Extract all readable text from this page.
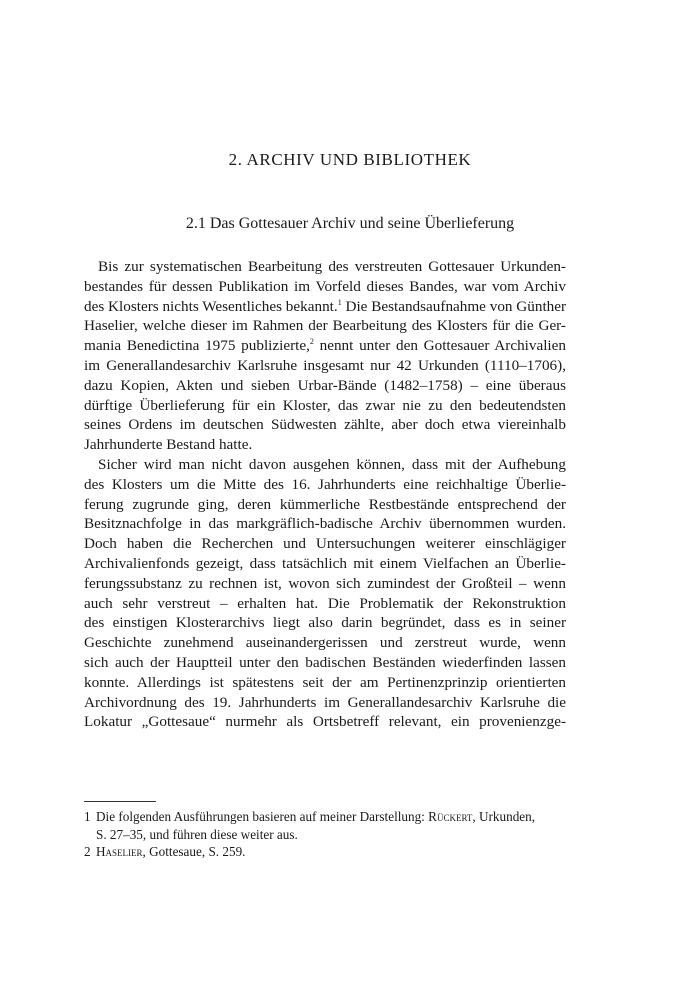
2. ARCHIV UND BIBLIOTHEK
2.1 Das Gottesauer Archiv und seine Überlieferung
Bis zur systematischen Bearbeitung des verstreuten Gottesauer Urkunden-
bestandes für dessen Publikation im Vorfeld dieses Bandes, war vom Archiv
des Klosters nichts Wesentliches bekannt.$^1$ Die Bestandsaufnahme von Günther
Haselier, welche dieser im Rahmen der Bearbeitung des Klosters für die Ger-
mania Benedictina 1975 publizierte,$^2$ nennt unter den Gottesauer Archivalien
im Generallandesarchiv Karlsruhe insgesamt nur 42 Urkunden (1110–1706),
dazu Kopien, Akten und sieben Urbar-Bände (1482–1758) – eine überaus
dürftige Überlieferung für ein Kloster, das zwar nie zu den bedeutendsten
seines Ordens im deutschen Südwesten zählte, aber doch etwa viereinhalb
Jahrhunderte Bestand hatte.
Sicher wird man nicht davon ausgehen können, dass mit der Aufhebung
des Klosters um die Mitte des 16. Jahrhunderts eine reichhaltige Überlie-
ferung zugrunde ging, deren kümmerliche Restbestände entsprechend der
Besitznachfolge in das markgräflich-badische Archiv übernommen wurden.
Doch haben die Recherchen und Untersuchungen weiterer einschlägiger
Archivalienfonds gezeigt, dass tatsächlich mit einem Vielfachen an Überlie-
ferungssubstanz zu rechnen ist, wovon sich zumindest der Großteil – wenn
auch sehr verstreut – erhalten hat. Die Problematik der Rekonstruktion
des einstigen Klosterarchivs liegt also darin begründet, dass es in seiner
Geschichte zunehmend auseinandergerissen und zerstreut wurde, wenn
sich auch der Hauptteil unter den badischen Beständen wiederfinden lassen
konnte. Allerdings ist spätestens seit der am Pertinenzprinzip orientierten
Archivordnung des 19. Jahrhunderts im Generallandesarchiv Karlsruhe die
Lokatur „Gottesaue“ nurmehr als Ortsbetreff relevant, ein provenienzge-
1 Die folgenden Ausführungen basieren auf meiner Darstellung: Rückert, Urkunden,
S. 27–35, und führen diese weiter aus.
2 Haselier, Gottesaue, S. 259.
